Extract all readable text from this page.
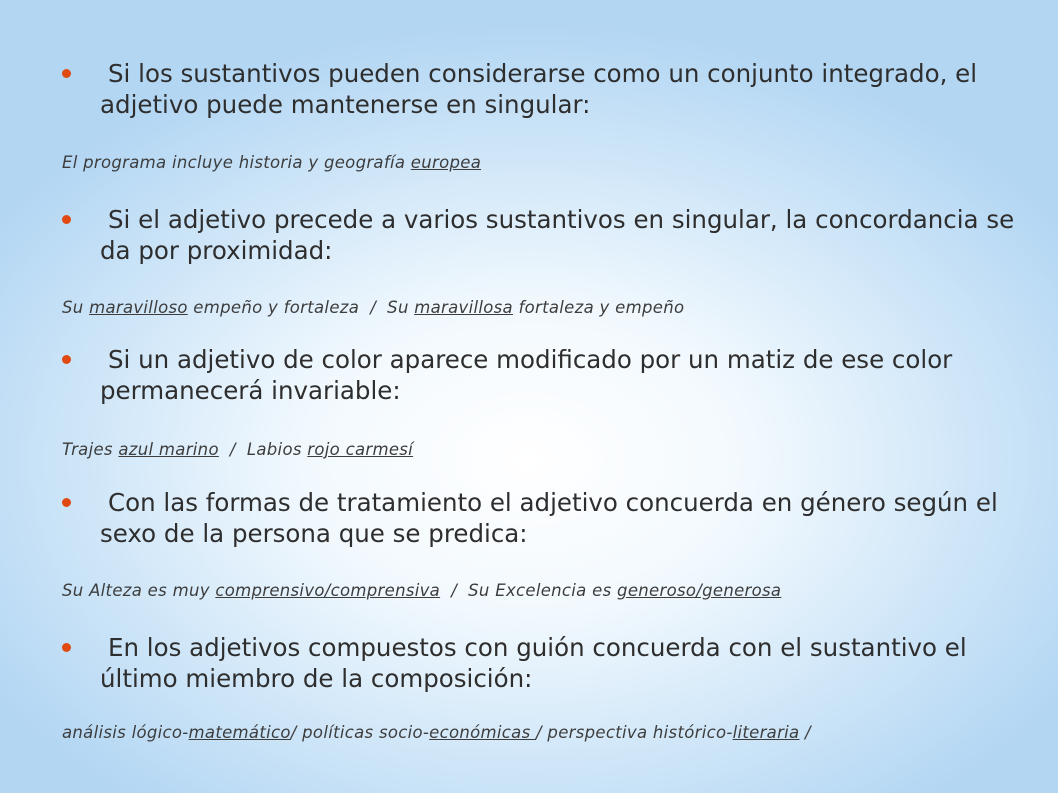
Si los sustantivos pueden considerarse como un conjunto integrado, el adjetivo puede mantenerse en singular:
El programa incluye historia y geografía europea
Si el adjetivo precede a varios sustantivos en singular, la concordancia se da por proximidad:
Su maravilloso empeño y fortaleza  /  Su maravillosa fortaleza y empeño
Si un adjetivo de color aparece modificado por un matiz de ese color permanecerá invariable:
Trajes azul marino  /  Labios rojo carmesí
Con las formas de tratamiento el adjetivo concuerda en género según el sexo de la persona que se predica:
Su Alteza es muy comprensivo/comprensiva  /  Su Excelencia es generoso/generosa
En los adjetivos compuestos con guión concuerda con el sustantivo el último miembro de la composición:
análisis lógico-matemático/ políticas socio-económicas / perspectiva histórico-literaria /
